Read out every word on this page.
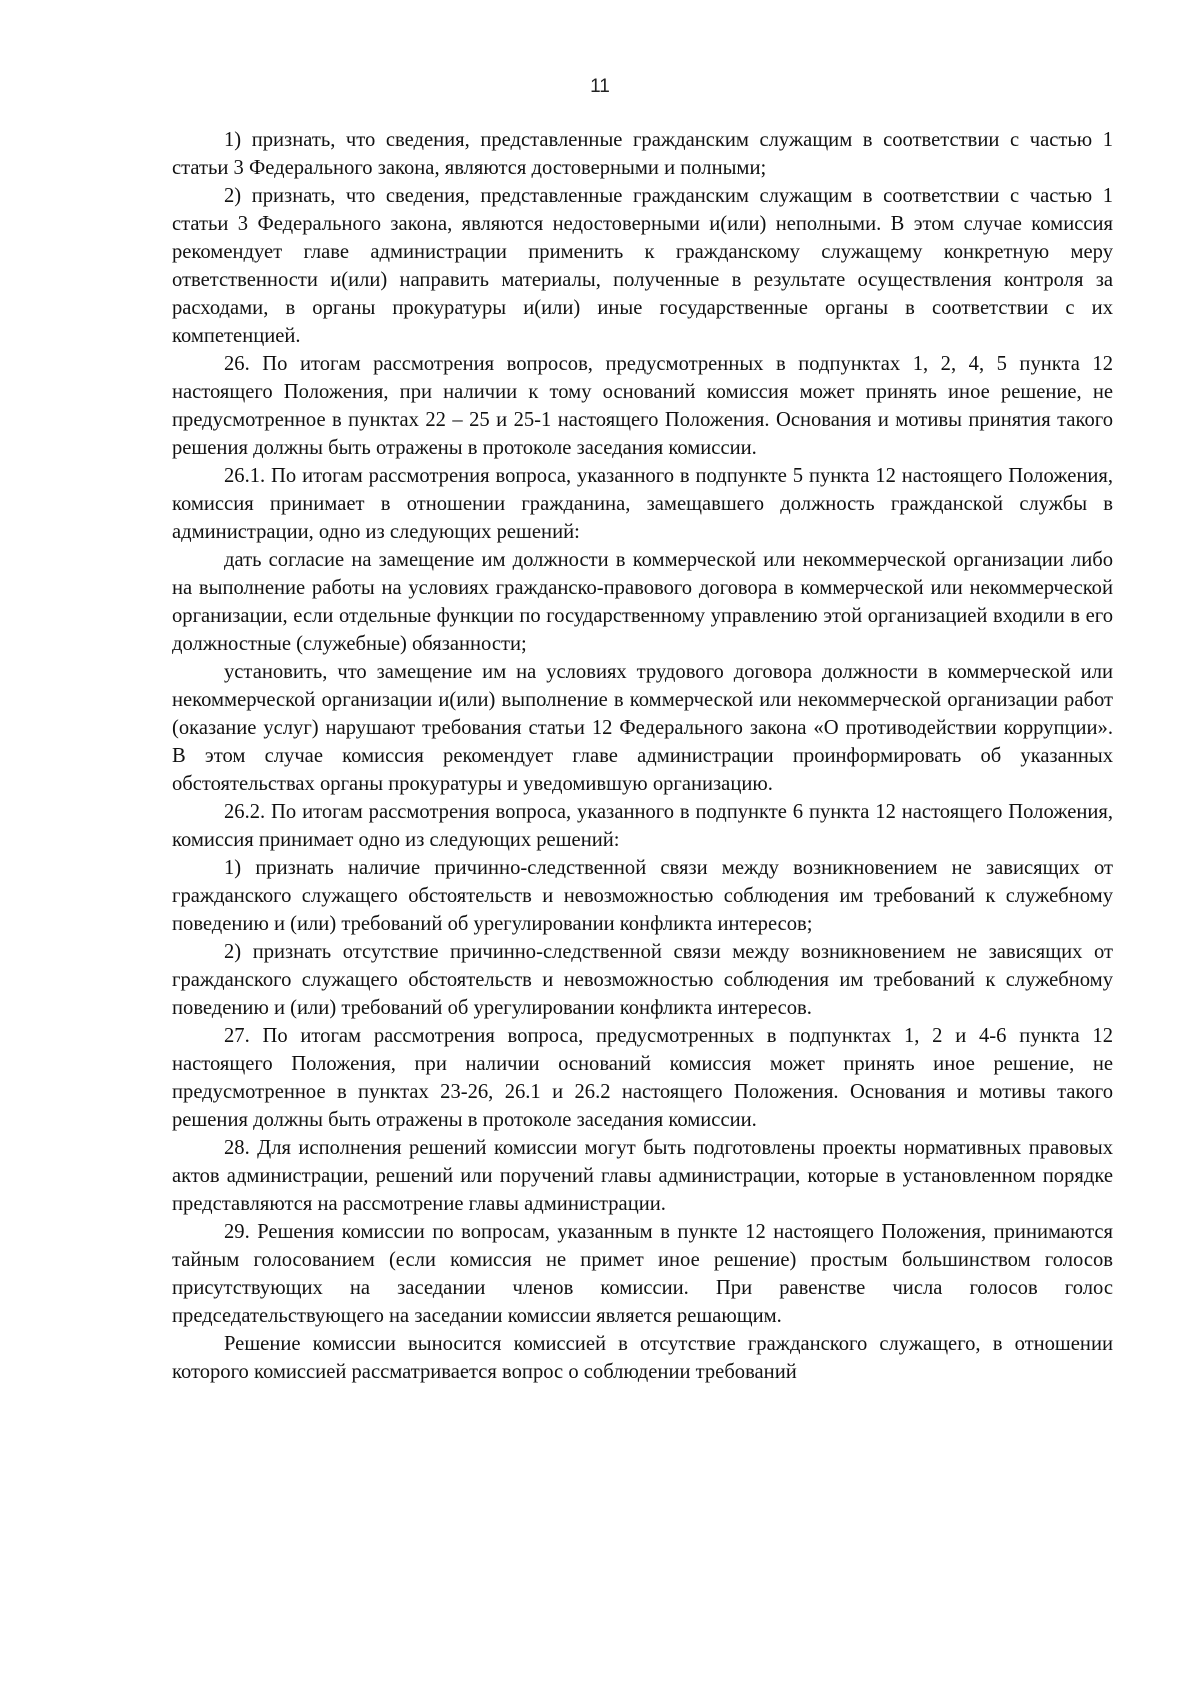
11

1) признать, что сведения, представленные гражданским служащим в соответствии с частью 1 статьи 3 Федерального закона, являются достоверными и полными;

2) признать, что сведения, представленные гражданским служащим в соответствии с частью 1 статьи 3 Федерального закона, являются недостоверными и(или) неполными. В этом случае комиссия рекомендует главе администрации применить к гражданскому служащему конкретную меру ответственности и(или) направить материалы, полученные в результате осуществления контроля за расходами, в органы прокуратуры и(или) иные государственные органы в соответствии с их компетенцией.

26. По итогам рассмотрения вопросов, предусмотренных в подпунктах 1, 2, 4, 5 пункта 12 настоящего Положения, при наличии к тому оснований комиссия может принять иное решение, не предусмотренное в пунктах 22 – 25 и 25-1 настоящего Положения. Основания и мотивы принятия такого решения должны быть отражены в протоколе заседания комиссии.

26.1. По итогам рассмотрения вопроса, указанного в подпункте 5 пункта 12 настоящего Положения, комиссия принимает в отношении гражданина, замещавшего должность гражданской службы в администрации, одно из следующих решений:

дать согласие на замещение им должности в коммерческой или некоммерческой организации либо на выполнение работы на условиях гражданско-правового договора в коммерческой или некоммерческой организации, если отдельные функции по государственному управлению этой организацией входили в его должностные (служебные) обязанности;

установить, что замещение им на условиях трудового договора должности в коммерческой или некоммерческой организации и(или) выполнение в коммерческой или некоммерческой организации работ (оказание услуг) нарушают требования статьи 12 Федерального закона «О противодействии коррупции». В этом случае комиссия рекомендует главе администрации проинформировать об указанных обстоятельствах органы прокуратуры и уведомившую организацию.

26.2. По итогам рассмотрения вопроса, указанного в подпункте 6 пункта 12 настоящего Положения, комиссия принимает одно из следующих решений:

1) признать наличие причинно-следственной связи между возникновением не зависящих от гражданского служащего обстоятельств и невозможностью соблюдения им требований к служебному поведению и (или) требований об урегулировании конфликта интересов;

2) признать отсутствие причинно-следственной связи между возникновением не зависящих от гражданского служащего обстоятельств и невозможностью соблюдения им требований к служебному поведению и (или) требований об урегулировании конфликта интересов.

27. По итогам рассмотрения вопроса, предусмотренных в подпунктах 1, 2 и 4-6 пункта 12 настоящего Положения, при наличии оснований комиссия может принять иное решение, не предусмотренное в пунктах 23-26, 26.1 и 26.2 настоящего Положения. Основания и мотивы такого решения должны быть отражены в протоколе заседания комиссии.

28. Для исполнения решений комиссии могут быть подготовлены проекты нормативных правовых актов администрации, решений или поручений главы администрации, которые в установленном порядке представляются на рассмотрение главы администрации.

29. Решения комиссии по вопросам, указанным в пункте 12 настоящего Положения, принимаются тайным голосованием (если комиссия не примет иное решение) простым большинством голосов присутствующих на заседании членов комиссии. При равенстве числа голосов голос председательствующего на заседании комиссии является решающим.

Решение комиссии выносится комиссией в отсутствие гражданского служащего, в отношении которого комиссией рассматривается вопрос о соблюдении требований
